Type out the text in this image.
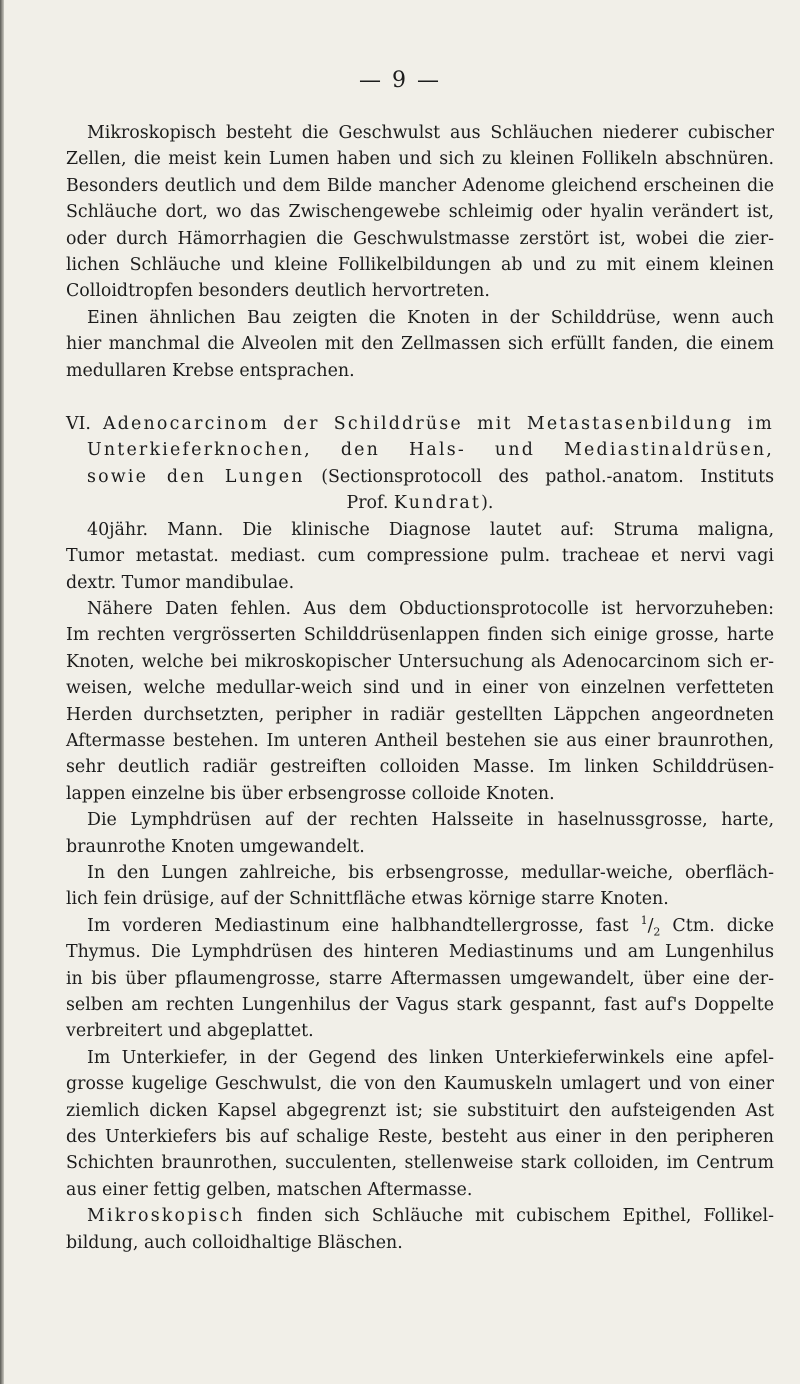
— 9 —
Mikroskopisch besteht die Geschwulst aus Schläuchen niederer cubischer
Zellen, die meist kein Lumen haben und sich zu kleinen Follikeln abschnüren.
Besonders deutlich und dem Bilde mancher Adenome gleichend erscheinen die
Schläuche dort, wo das Zwischengewebe schleimig oder hyalin verändert ist,
oder durch Hämorrhagien die Geschwulstmasse zerstört ist, wobei die zier-
lichen Schläuche und kleine Follikelbildungen ab und zu mit einem kleinen
Colloidtropfen besonders deutlich hervortreten.
Einen ähnlichen Bau zeigten die Knoten in der Schilddrüse, wenn auch
hier manchmal die Alveolen mit den Zellmassen sich erfüllt fanden, die einem
medullaren Krebse entsprachen.
VI. Adenocarcinom der Schilddrüse mit Metastasenbildung im
Unterkieferknochen, den Hals- und Mediastinaldrüsen,
sowie den Lungen (Sectionsprotocoll des pathol.-anatom. Instituts
Prof. Kundrat).
40jähr. Mann. Die klinische Diagnose lautet auf: Struma maligna,
Tumor metastat. mediast. cum compressione pulm. tracheae et nervi vagi
dextr. Tumor mandibulae.
Nähere Daten fehlen. Aus dem Obductionsprotocolle ist hervorzuheben:
Im rechten vergrösserten Schilddrüsenlappen finden sich einige grosse, harte
Knoten, welche bei mikroskopischer Untersuchung als Adenocarcinom sich er-
weisen, welche medullar-weich sind und in einer von einzelnen verfetteten
Herden durchsetzten, peripher in radiär gestellten Läppchen angeordneten
Aftermasse bestehen. Im unteren Antheil bestehen sie aus einer braunrothen,
sehr deutlich radiär gestreiften colloiden Masse. Im linken Schilddrüsen-
lappen einzelne bis über erbsengrosse colloide Knoten.
Die Lymphdrüsen auf der rechten Halsseite in haselnussgrosse, harte,
braunrothe Knoten umgewandelt.
In den Lungen zahlreiche, bis erbsengrosse, medullar-weiche, oberfläch-
lich fein drüsige, auf der Schnittfläche etwas körnige starre Knoten.
Im vorderen Mediastinum eine halbhandtellergrosse, fast $^1/_2$ Ctm. dicke
Thymus. Die Lymphdrüsen des hinteren Mediastinums und am Lungenhilus
in bis über pflaumengrosse, starre Aftermassen umgewandelt, über eine der-
selben am rechten Lungenhilus der Vagus stark gespannt, fast auf's Doppelte
verbreitert und abgeplattet.
Im Unterkiefer, in der Gegend des linken Unterkieferwinkels eine apfel-
grosse kugelige Geschwulst, die von den Kaumuskeln umlagert und von einer
ziemlich dicken Kapsel abgegrenzt ist; sie substituirt den aufsteigenden Ast
des Unterkiefers bis auf schalige Reste, besteht aus einer in den peripheren
Schichten braunrothen, succulenten, stellenweise stark colloiden, im Centrum
aus einer fettig gelben, matschen Aftermasse.
Mikroskopisch finden sich Schläuche mit cubischem Epithel, Follikel-
bildung, auch colloidhaltige Bläschen.
